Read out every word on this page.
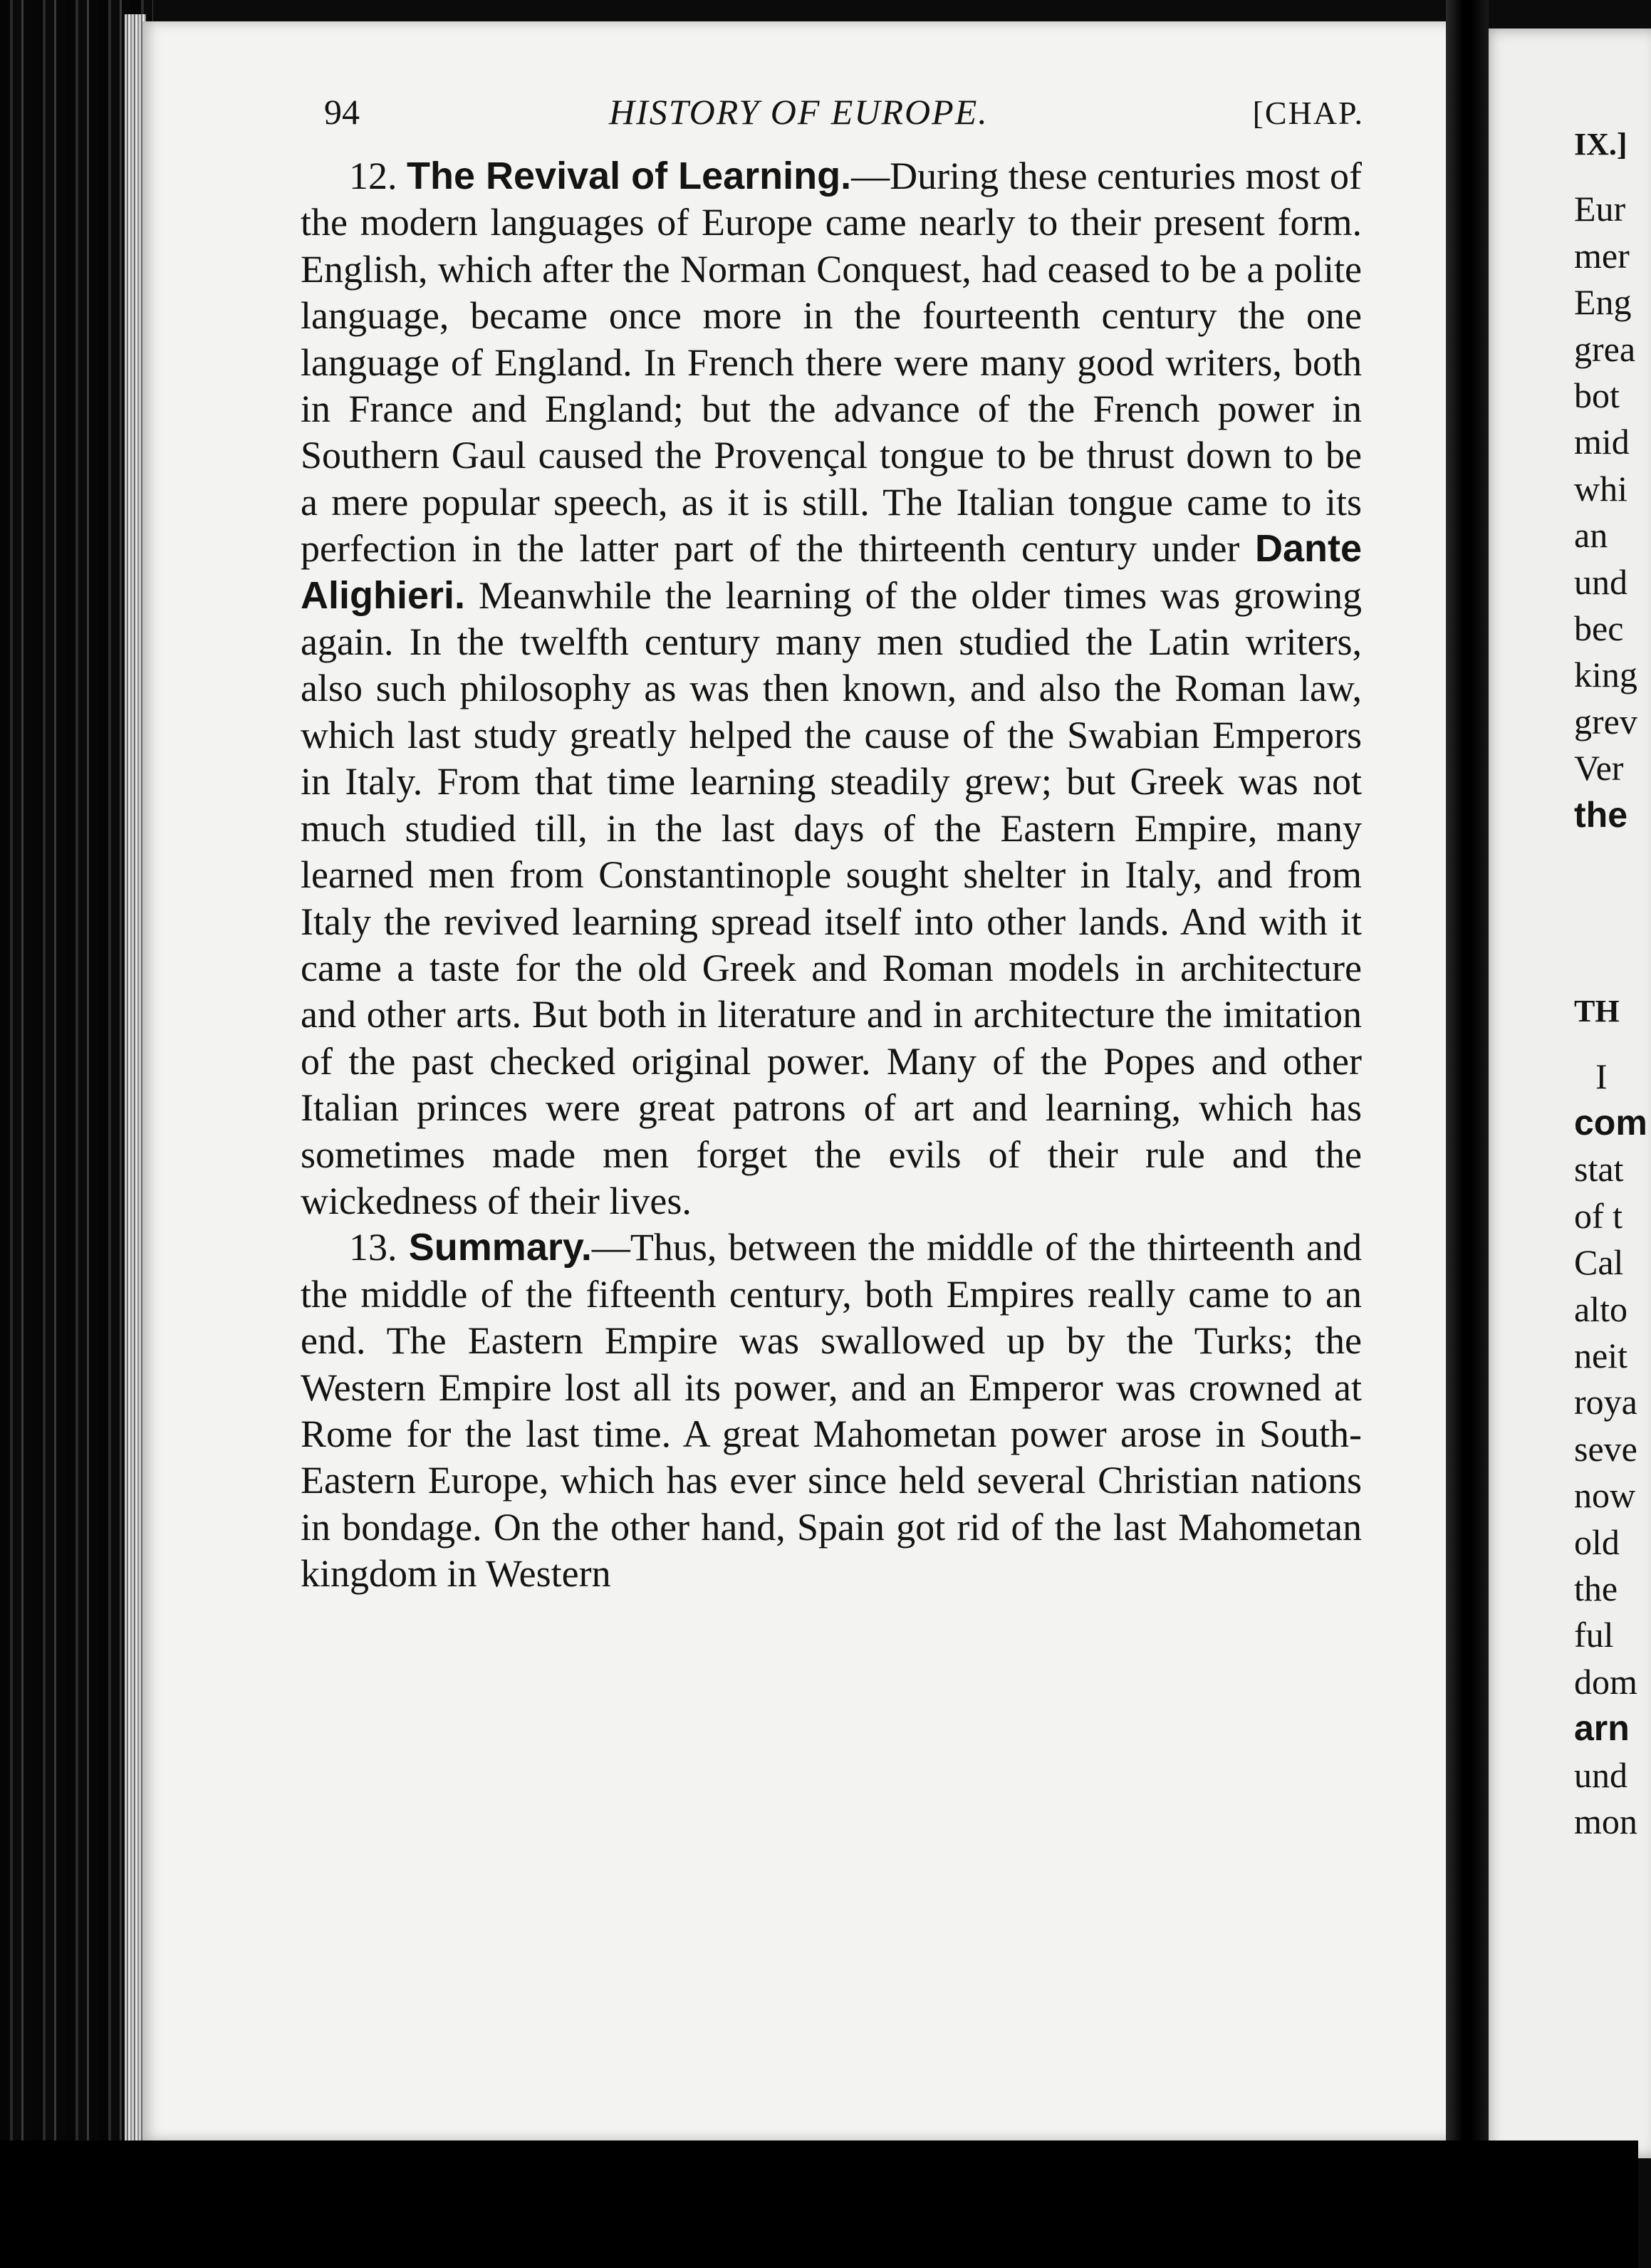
94	HISTORY OF EUROPE.	[CHAP.

12. The Revival of Learning.—During these centuries most of the modern languages of Europe came nearly to their present form. English, which after the Norman Conquest, had ceased to be a polite language, became once more in the fourteenth century the one language of England. In French there were many good writers, both in France and England; but the advance of the French power in Southern Gaul caused the Provençal tongue to be thrust down to be a mere popular speech, as it is still. The Italian tongue came to its perfection in the latter part of the thirteenth century under Dante Alighieri. Meanwhile the learning of the older times was growing again. In the twelfth century many men studied the Latin writers, also such philosophy as was then known, and also the Roman law, which last study greatly helped the cause of the Swabian Emperors in Italy. From that time learning steadily grew; but Greek was not much studied till, in the last days of the Eastern Empire, many learned men from Constantinople sought shelter in Italy, and from Italy the revived learning spread itself into other lands. And with it came a taste for the old Greek and Roman models in architecture and other arts. But both in literature and in architecture the imitation of the past checked original power. Many of the Popes and other Italian princes were great patrons of art and learning, which has sometimes made men forget the evils of their rule and the wickedness of their lives.

13. Summary.—Thus, between the middle of the thirteenth and the middle of the fifteenth century, both Empires really came to an end. The Eastern Empire was swallowed up by the Turks; the Western Empire lost all its power, and an Emperor was crowned at Rome for the last time. A great Mahometan power arose in South-Eastern Europe, which has ever since held several Christian nations in bondage. On the other hand, Spain got rid of the last Mahometan kingdom in Western

IX.]
Eur
mer
Eng
grea
bot
mid
whi
an
und
bec
king
grev
Ver
the
TH
I
com
stat
of t
Cal
alto
neit
roya
seve
now
old
the
ful
dom
arn
und
mon
